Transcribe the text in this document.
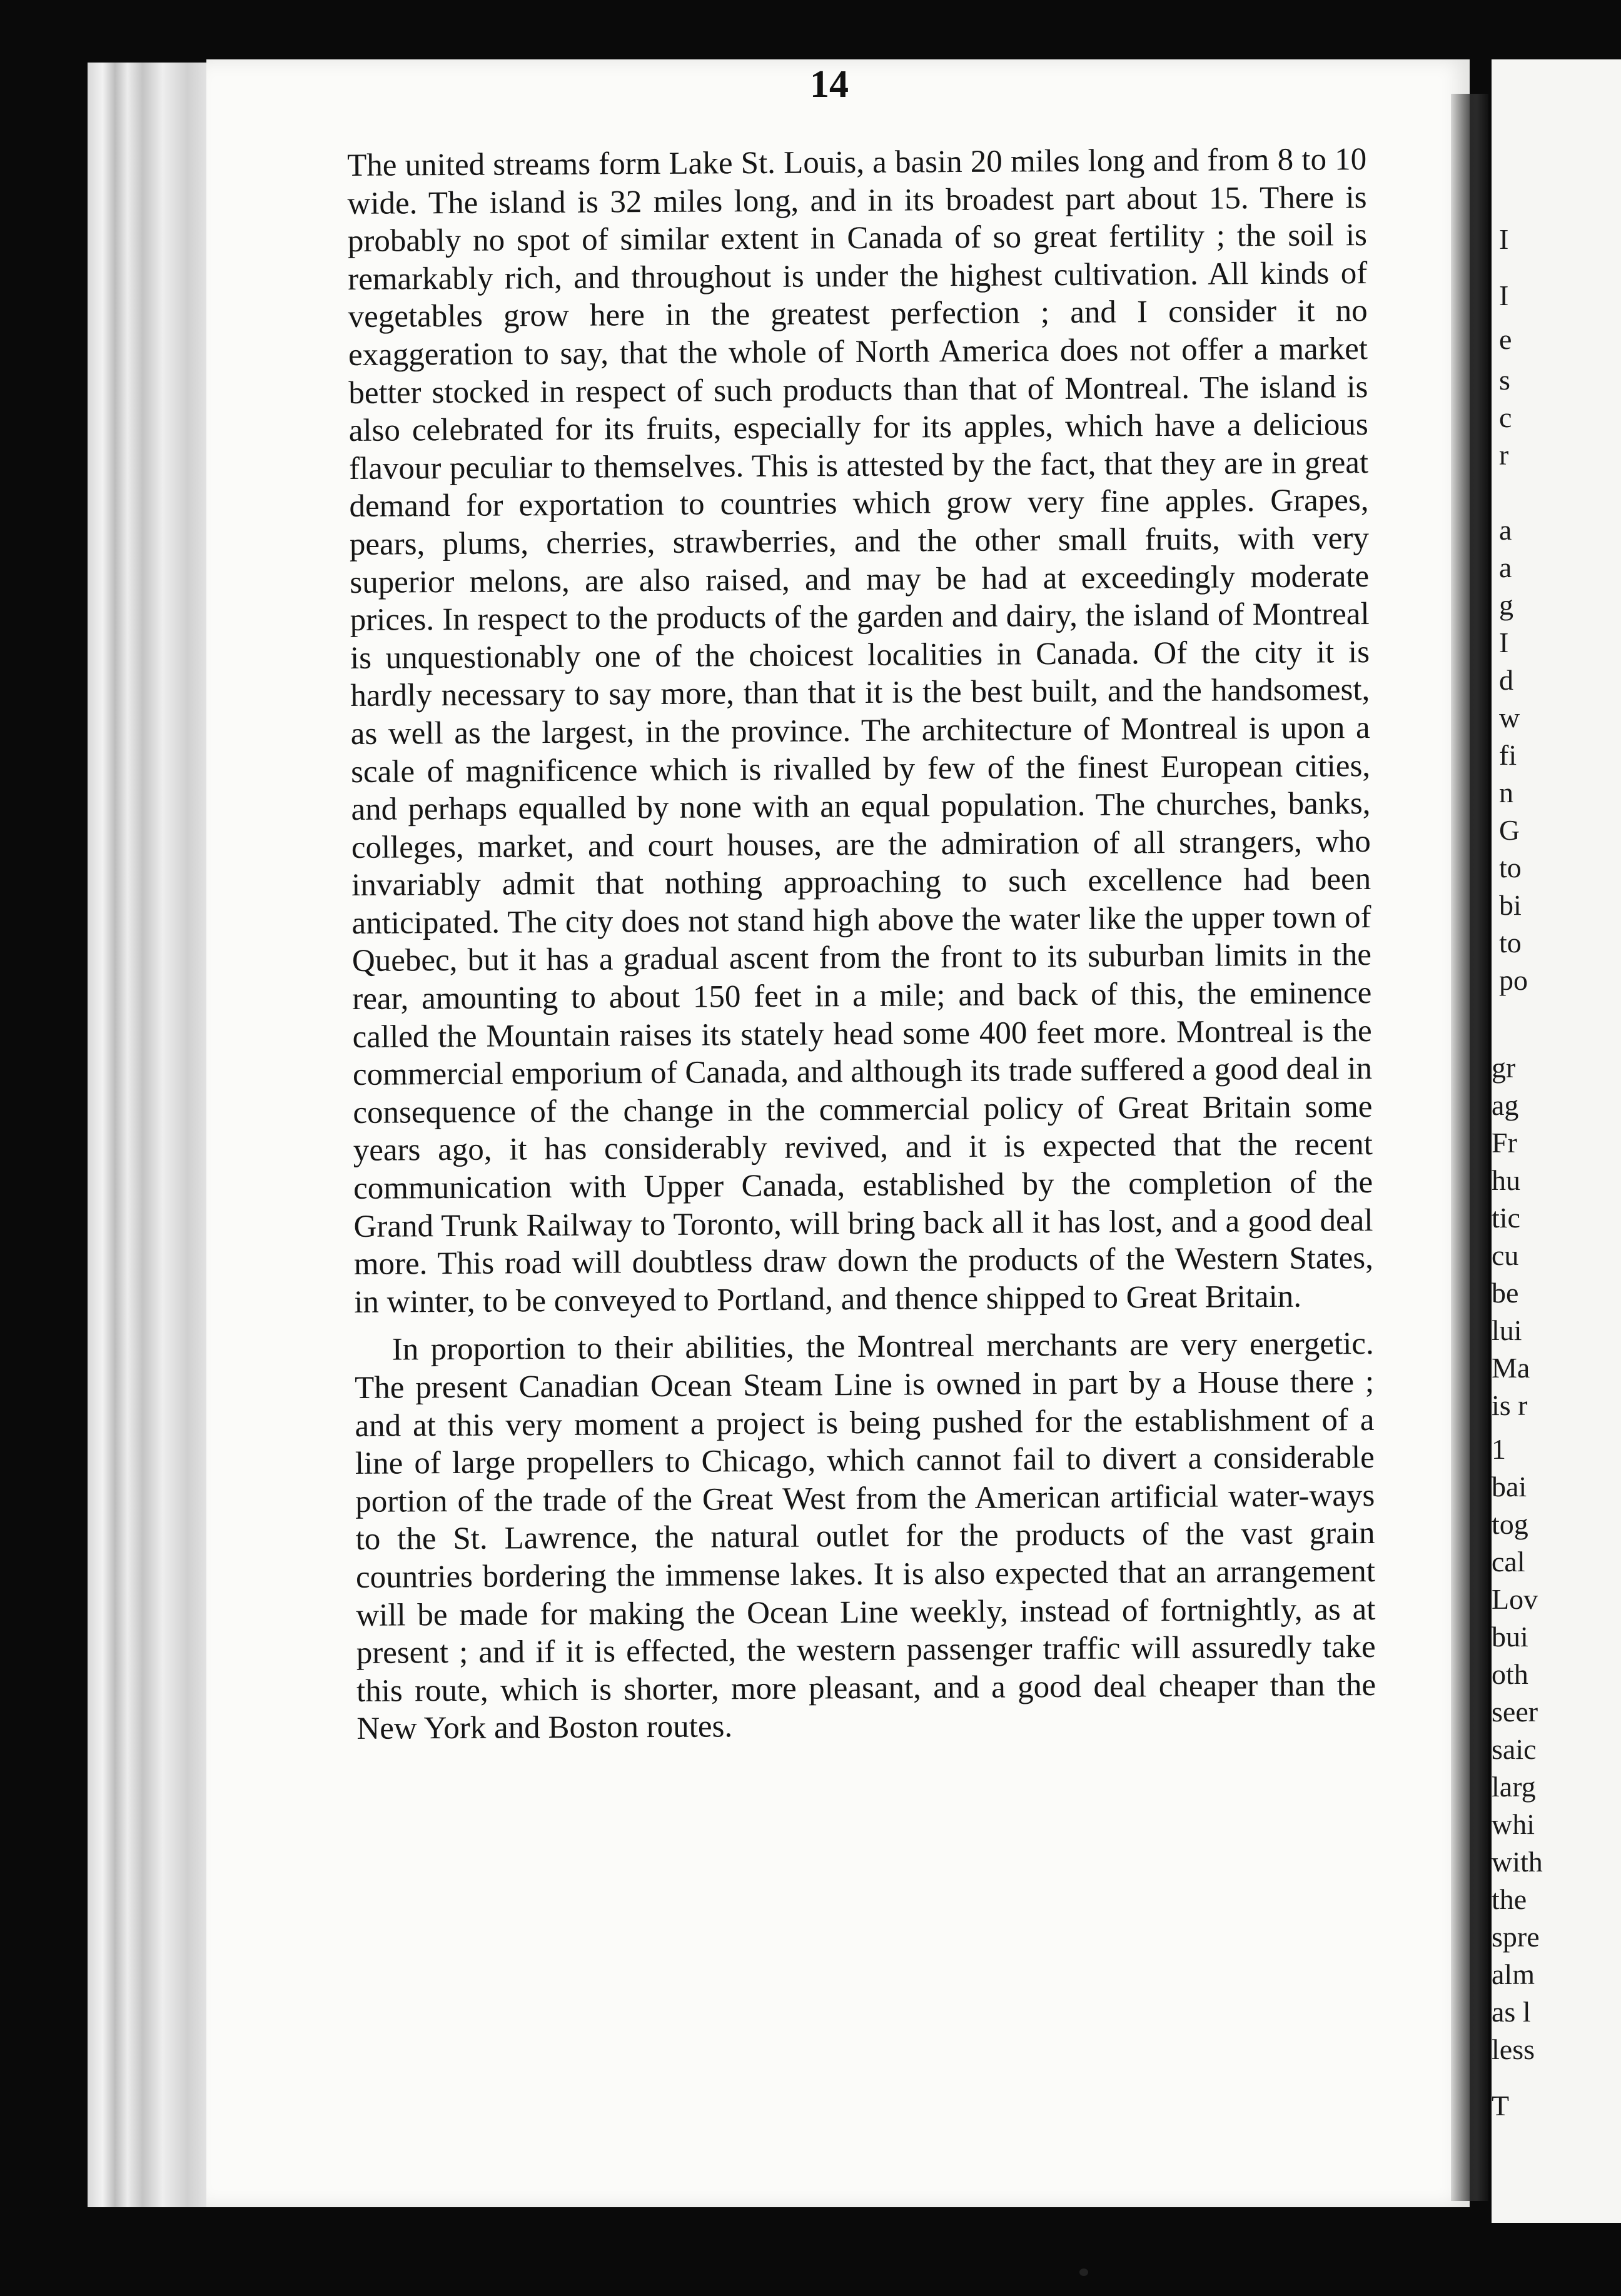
I
I
e
s
c
r
a
a
g
I
d
w
fi
n
G
to
bi
to
po
gr
ag
Fr
hu
tic
cu
be
lui
Ma
is r
1
bai
tog
cal
Lov
bui
oth
seer
saic
larg
whi
with
the
spre
alm
as l
less
T
14

The united streams form Lake St. Louis, a basin 20 miles long and from 8 to 10 wide. The island is 32 miles long, and in its broadest part about 15. There is probably no spot of similar extent in Canada of so great fertility ; the soil is remarkably rich, and throughout is under the highest cultivation. All kinds of vegetables grow here in the greatest perfection ; and I consider it no exaggeration to say, that the whole of North America does not offer a market better stocked in respect of such products than that of Montreal. The island is also celebrated for its fruits, especially for its apples, which have a delicious flavour peculiar to themselves. This is attested by the fact, that they are in great demand for exportation to countries which grow very fine apples. Grapes, pears, plums, cherries, strawberries, and the other small fruits, with very superior melons, are also raised, and may be had at exceedingly moderate prices. In respect to the products of the garden and dairy, the island of Montreal is unquestionably one of the choicest localities in Canada. Of the city it is hardly necessary to say more, than that it is the best built, and the handsomest, as well as the largest, in the province. The architecture of Montreal is upon a scale of magnificence which is rivalled by few of the finest European cities, and perhaps equalled by none with an equal population. The churches, banks, colleges, market, and court houses, are the admiration of all strangers, who invariably admit that nothing approaching to such excellence had been anticipated. The city does not stand high above the water like the upper town of Quebec, but it has a gradual ascent from the front to its suburban limits in the rear, amounting to about 150 feet in a mile; and back of this, the eminence called the Mountain raises its stately head some 400 feet more. Montreal is the commercial emporium of Canada, and although its trade suffered a good deal in consequence of the change in the commercial policy of Great Britain some years ago, it has considerably revived, and it is expected that the recent communication with Upper Canada, established by the completion of the Grand Trunk Railway to Toronto, will bring back all it has lost, and a good deal more. This road will doubtless draw down the products of the Western States, in winter, to be conveyed to Portland, and thence shipped to Great Britain.

In proportion to their abilities, the Montreal merchants are very energetic. The present Canadian Ocean Steam Line is owned in part by a House there ; and at this very moment a project is being pushed for the establishment of a line of large propellers to Chicago, which cannot fail to divert a considerable portion of the trade of the Great West from the American artificial water-ways to the St. Lawrence, the natural outlet for the products of the vast grain countries bordering the immense lakes. It is also expected that an arrangement will be made for making the Ocean Line weekly, instead of fortnightly, as at present ; and if it is effected, the western passenger traffic will assuredly take this route, which is shorter, more pleasant, and a good deal cheaper than the New York and Boston routes.
